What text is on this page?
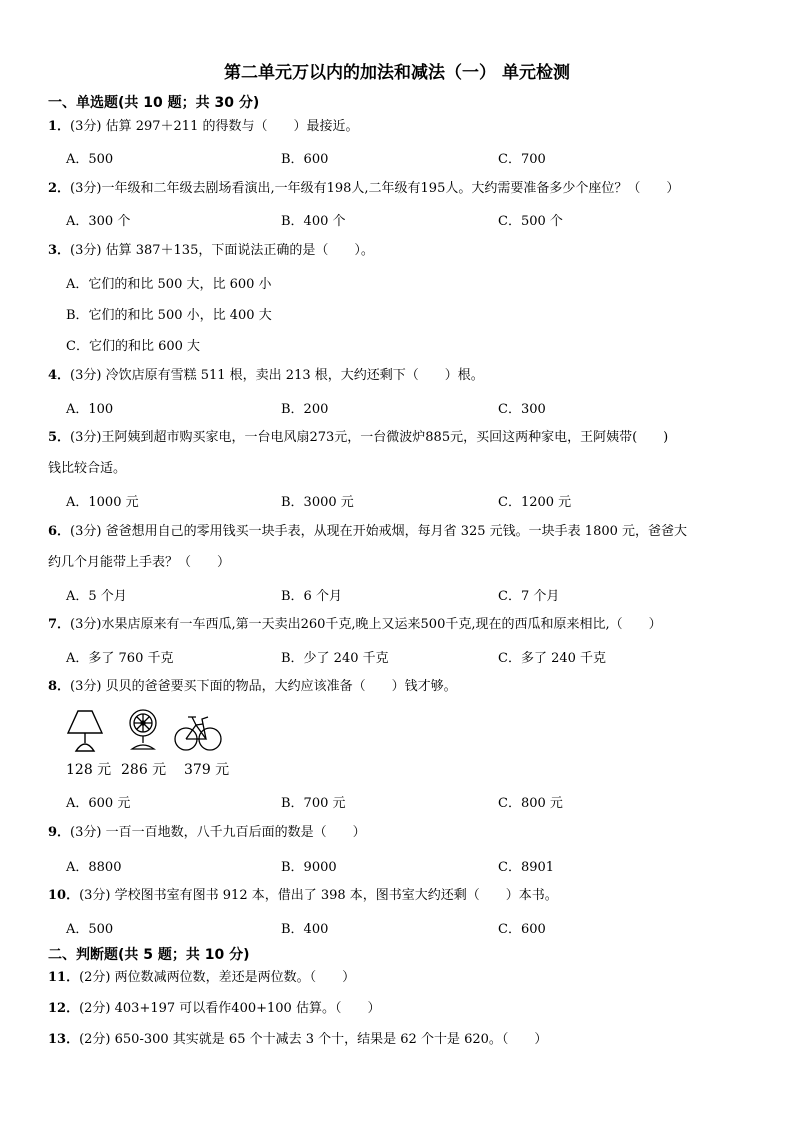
第二单元万以内的加法和减法（一） 单元检测
一、单选题(共 10 题；共 30 分)
1．(3分) 估算 297＋211 的得数与（　　）最接近。
A．500	B．600	C．700
2．(3分)一年级和二年级去剧场看演出,一年级有198人,二年级有195人。大约需要准备多少个座位？（　　）
A．300 个	B．400 个	C．500 个
3．(3分) 估算 387＋135，下面说法正确的是（　　）。
A．它们的和比 500 大，比 600 小
B．它们的和比 500 小，比 400 大
C．它们的和比 600 大
4．(3分) 冷饮店原有雪糕 511 根，卖出 213 根，大约还剩下（　　）根。
A．100	B．200	C．300
5．(3分)王阿姨到超市购买家电，一台电风扇273元，一台微波炉885元，买回这两种家电，王阿姨带(　　)
钱比较合适。
A．1000 元	B．3000 元	C．1200 元
6．(3分) 爸爸想用自己的零用钱买一块手表，从现在开始戒烟，每月省 325 元钱。一块手表 1800 元，爸爸大
约几个月能带上手表？（　　）
A．5 个月	B．6 个月	C．7 个月
7．(3分)水果店原来有一车西瓜,第一天卖出260千克,晚上又运来500千克,现在的西瓜和原来相比,（　　）
A．多了 760 千克	B．少了 240 千克	C．多了 240 千克
8．(3分) 贝贝的爸爸要买下面的物品，大约应该准备（　　）钱才够。
128 元 286 元 379 元
A．600 元	B．700 元	C．800 元
9．(3分) 一百一百地数，八千九百后面的数是（　　）
A．8800	B．9000	C．8901
10．(3分) 学校图书室有图书 912 本，借出了 398 本，图书室大约还剩（　　）本书。
A．500	B．400	C．600
二、判断题(共 5 题；共 10 分)
11．(2分) 两位数减两位数，差还是两位数。（　　）
12．(2分) 403+197 可以看作400+100 估算。（　　）
13．(2分) 650-300 其实就是 65 个十减去 3 个十，结果是 62 个十是 620。（　　）
